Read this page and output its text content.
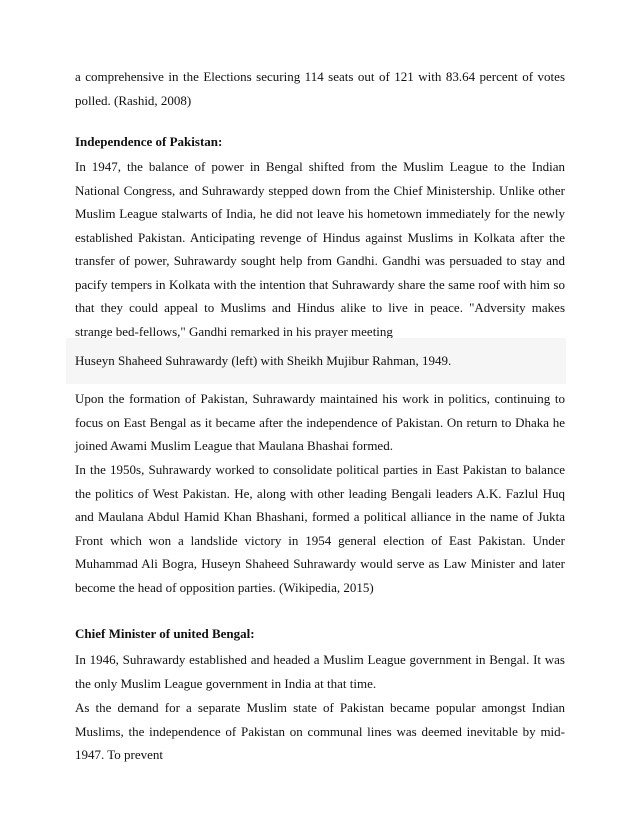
a comprehensive in the Elections securing 114 seats out of 121 with 83.64 percent of votes polled. (Rashid, 2008)

Independence of Pakistan:

In 1947, the balance of power in Bengal shifted from the Muslim League to the Indian National Congress, and Suhrawardy stepped down from the Chief Ministership. Unlike other Muslim League stalwarts of India, he did not leave his hometown immediately for the newly established Pakistan. Anticipating revenge of Hindus against Muslims in Kolkata after the transfer of power, Suhrawardy sought help from Gandhi. Gandhi was persuaded to stay and pacify tempers in Kolkata with the intention that Suhrawardy share the same roof with him so that they could appeal to Muslims and Hindus alike to live in peace. "Adversity makes strange bed-fellows," Gandhi remarked in his prayer meeting

Huseyn Shaheed Suhrawardy (left) with Sheikh Mujibur Rahman, 1949.

Upon the formation of Pakistan, Suhrawardy maintained his work in politics, continuing to focus on East Bengal as it became after the independence of Pakistan. On return to Dhaka he joined Awami Muslim League that Maulana Bhashai formed.

In the 1950s, Suhrawardy worked to consolidate political parties in East Pakistan to balance the politics of West Pakistan. He, along with other leading Bengali leaders A.K. Fazlul Huq and Maulana Abdul Hamid Khan Bhashani, formed a political alliance in the name of Jukta Front which won a landslide victory in 1954 general election of East Pakistan. Under Muhammad Ali Bogra, Huseyn Shaheed Suhrawardy would serve as Law Minister and later become the head of opposition parties. (Wikipedia, 2015)

Chief Minister of united Bengal:

In 1946, Suhrawardy established and headed a Muslim League government in Bengal. It was the only Muslim League government in India at that time.

As the demand for a separate Muslim state of Pakistan became popular amongst Indian Muslims, the independence of Pakistan on communal lines was deemed inevitable by mid-1947. To prevent
